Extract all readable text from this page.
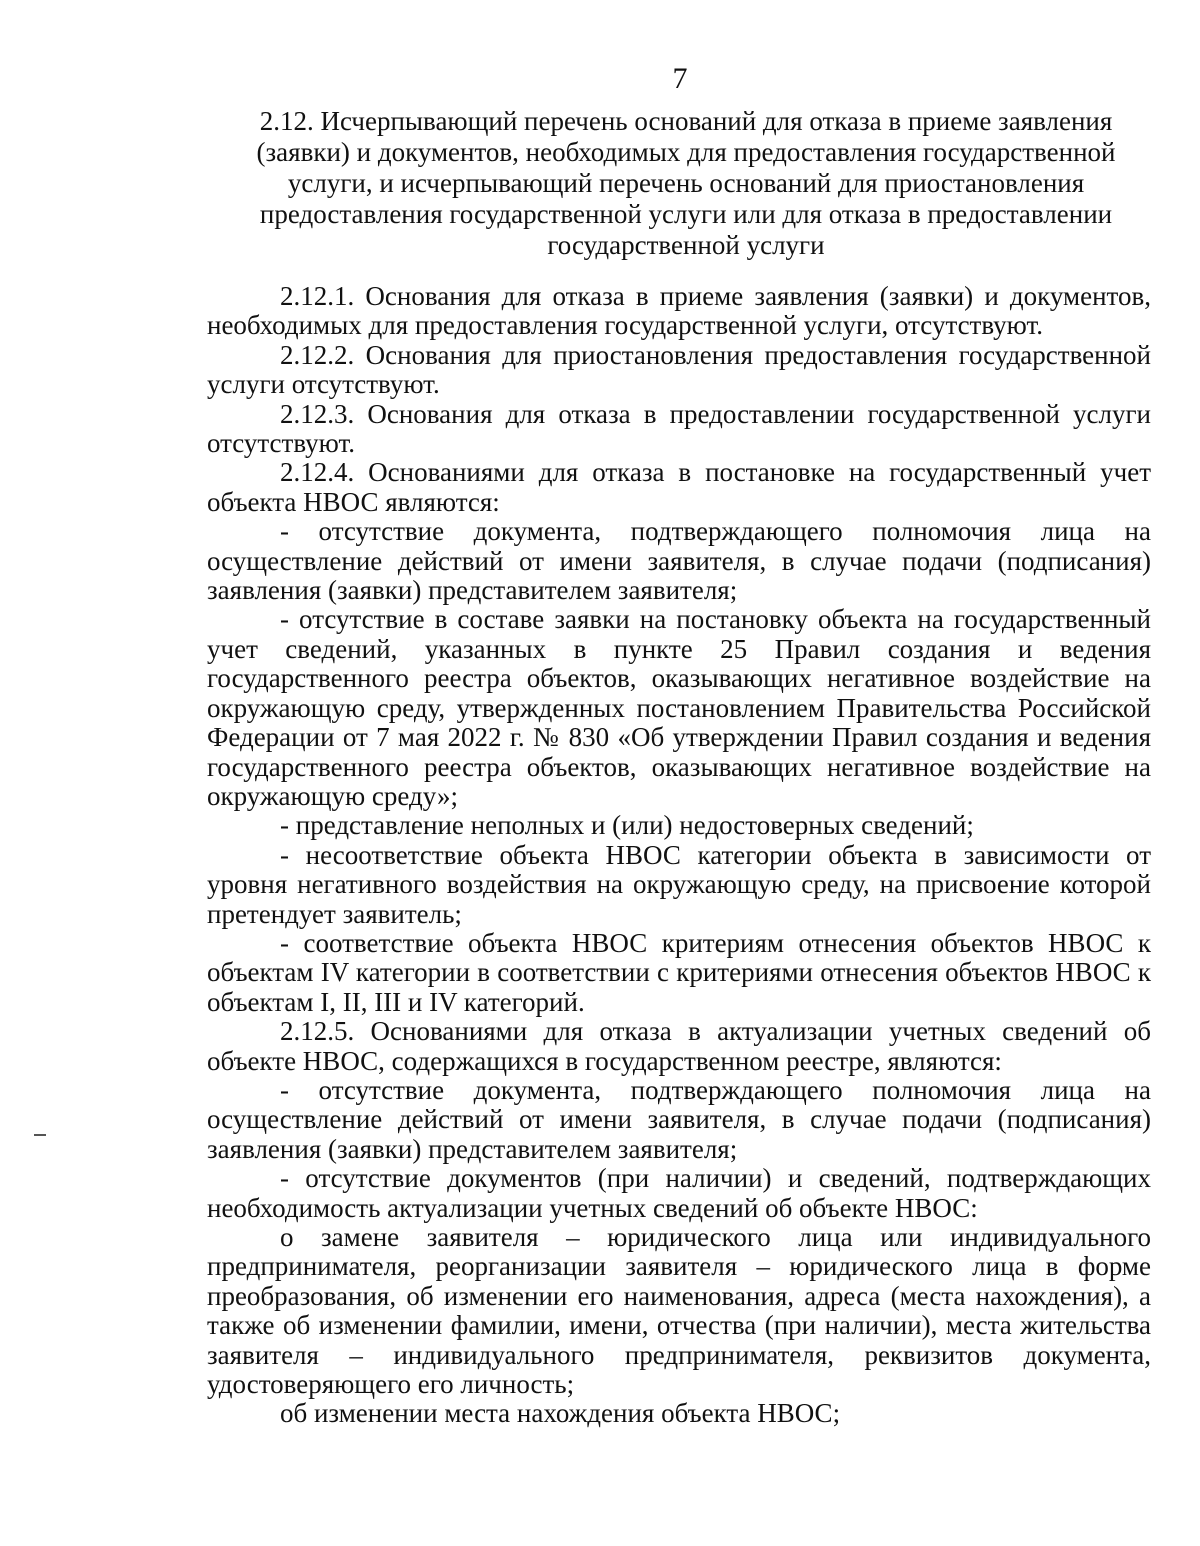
7
2.12. Исчерпывающий перечень оснований для отказа в приеме заявления
(заявки) и документов, необходимых для предоставления государственной
услуги, и исчерпывающий перечень оснований для приостановления
предоставления государственной услуги или для отказа в предоставлении
государственной услуги

2.12.1. Основания для отказа в приеме заявления (заявки) и документов, необходимых для предоставления государственной услуги, отсутствуют.

2.12.2. Основания для приостановления предоставления государственной услуги отсутствуют.

2.12.3. Основания для отказа в предоставлении государственной услуги отсутствуют.

2.12.4. Основаниями для отказа в постановке на государственный учет объекта НВОС являются:

- отсутствие документа, подтверждающего полномочия лица на осуществление действий от имени заявителя, в случае подачи (подписания) заявления (заявки) представителем заявителя;

- отсутствие в составе заявки на постановку объекта на государственный учет сведений, указанных в пункте 25 Правил создания и ведения государственного реестра объектов, оказывающих негативное воздействие на окружающую среду, утвержденных постановлением Правительства Российской Федерации от 7 мая 2022 г. № 830 «Об утверждении Правил создания и ведения государственного реестра объектов, оказывающих негативное воздействие на окружающую среду»;

- представление неполных и (или) недостоверных сведений;

- несоответствие объекта НВОС категории объекта в зависимости от уровня негативного воздействия на окружающую среду, на присвоение которой претендует заявитель;

- соответствие объекта НВОС критериям отнесения объектов НВОС к объектам IV категории в соответствии с критериями отнесения объектов НВОС к объектам I, II, III и IV категорий.

2.12.5. Основаниями для отказа в актуализации учетных сведений об объекте НВОС, содержащихся в государственном реестре, являются:

- отсутствие документа, подтверждающего полномочия лица на осуществление действий от имени заявителя, в случае подачи (подписания) заявления (заявки) представителем заявителя;

- отсутствие документов (при наличии) и сведений, подтверждающих необходимость актуализации учетных сведений об объекте НВОС:

о замене заявителя – юридического лица или индивидуального предпринимателя, реорганизации заявителя – юридического лица в форме преобразования, об изменении его наименования, адреса (места нахождения), а также об изменении фамилии, имени, отчества (при наличии), места жительства заявителя – индивидуального предпринимателя, реквизитов документа, удостоверяющего его личность;

об изменении места нахождения объекта НВОС;
